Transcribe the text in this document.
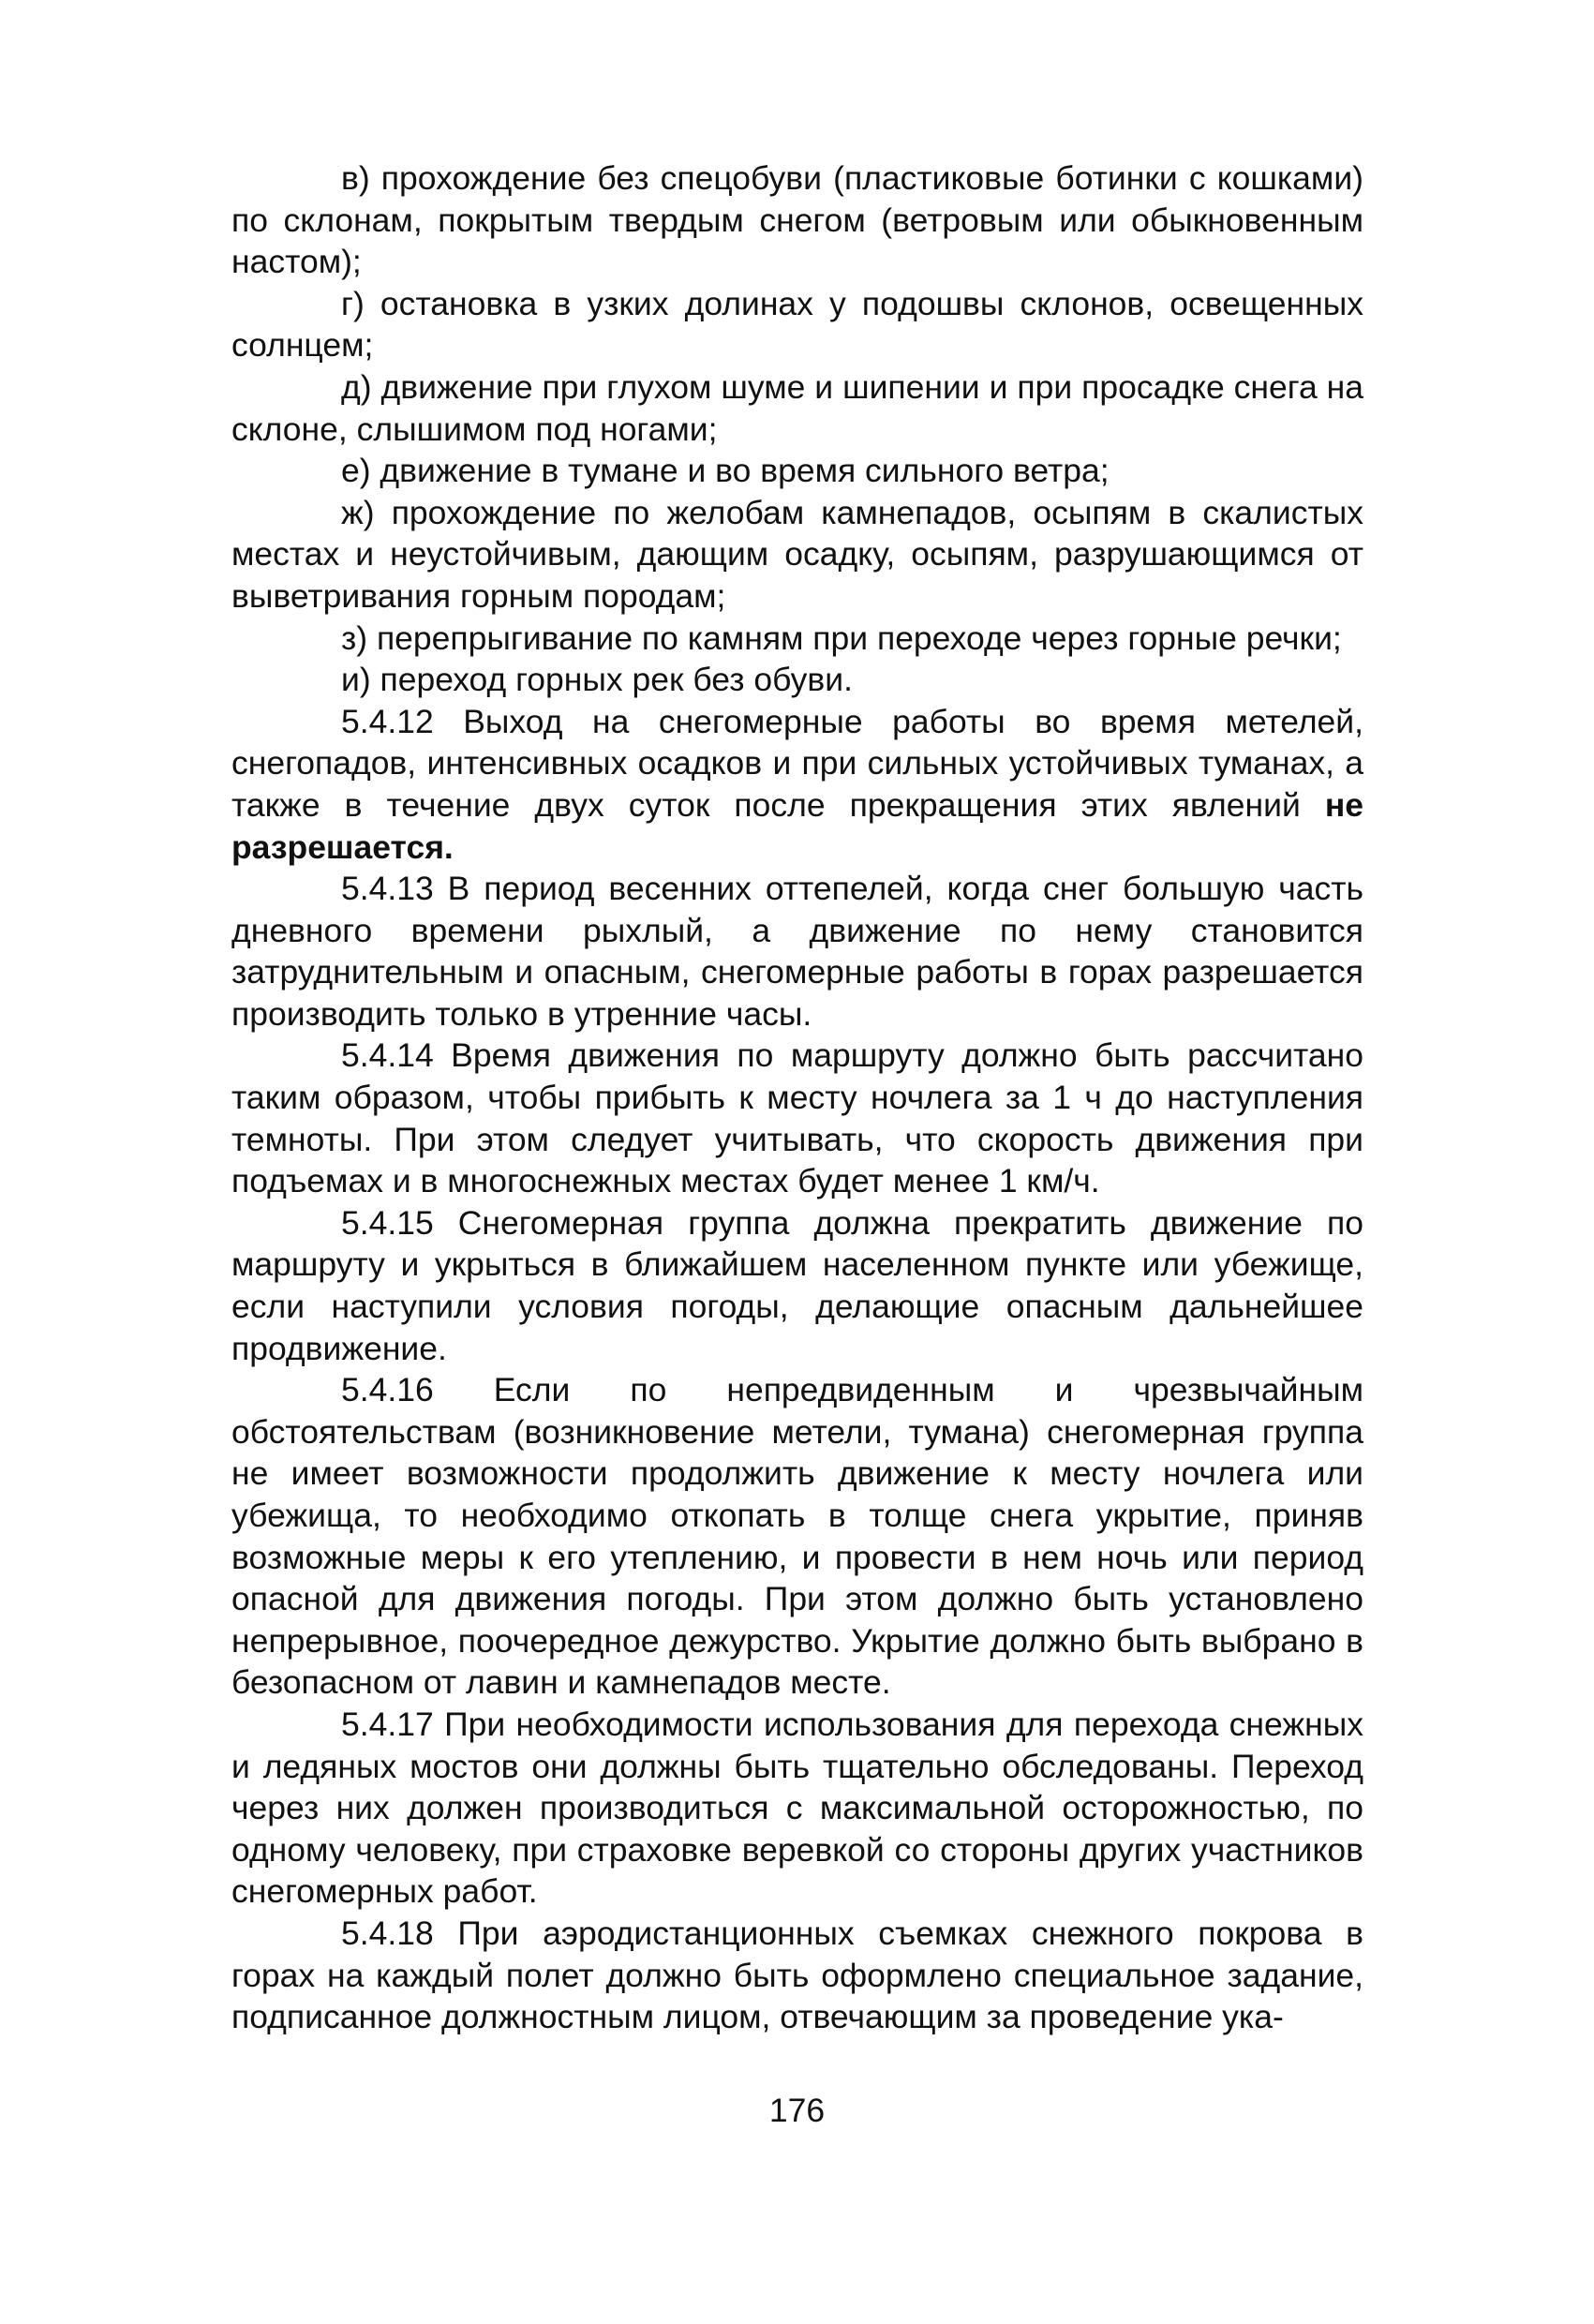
в) прохождение без спецобуви (пластиковые ботинки с кошками) по склонам, покрытым твердым снегом (ветровым или обыкновенным настом);

г) остановка в узких долинах у подошвы склонов, освещенных солнцем;

д) движение при глухом шуме и шипении и при просадке снега на склоне, слышимом под ногами;

е) движение в тумане и во время сильного ветра;

ж) прохождение по желобам камнепадов, осыпям в скалистых местах и неустойчивым, дающим осадку, осыпям, разрушающимся от выветривания горным породам;

з) перепрыгивание по камням при переходе через горные речки;

и) переход горных рек без обуви.

5.4.12 Выход на снегомерные работы во время метелей, снегопадов, интенсивных осадков и при сильных устойчивых туманах, а также в течение двух суток после прекращения этих явлений не разрешается.

5.4.13 В период весенних оттепелей, когда снег большую часть дневного времени рыхлый, а движение по нему становится затруднительным и опасным, снегомерные работы в горах разрешается производить только в утренние часы.

5.4.14 Время движения по маршруту должно быть рассчитано таким образом, чтобы прибыть к месту ночлега за 1 ч до наступления темноты. При этом следует учитывать, что скорость движения при подъемах и в многоснежных местах будет менее 1 км/ч.

5.4.15 Снегомерная группа должна прекратить движение по маршруту и укрыться в ближайшем населенном пункте или убежище, если наступили условия погоды, делающие опасным дальнейшее продвижение.

5.4.16 Если по непредвиденным и чрезвычайным обстоятельствам (возникновение метели, тумана) снегомерная группа не имеет возможности продолжить движение к месту ночлега или убежища, то необходимо откопать в толще снега укрытие, приняв возможные меры к его утеплению, и провести в нем ночь или период опасной для движения погоды. При этом должно быть установлено непрерывное, поочередное дежурство. Укрытие должно быть выбрано в безопасном от лавин и камнепадов месте.

5.4.17 При необходимости использования для перехода снежных и ледяных мостов они должны быть тщательно обследованы. Переход через них должен производиться с максимальной осторожностью, по одному человеку, при страховке веревкой со стороны других участников снегомерных работ.

5.4.18 При аэродистанционных съемках снежного покрова в горах на каждый полет должно быть оформлено специальное задание, подписанное должностным лицом, отвечающим за проведение ука-

176
